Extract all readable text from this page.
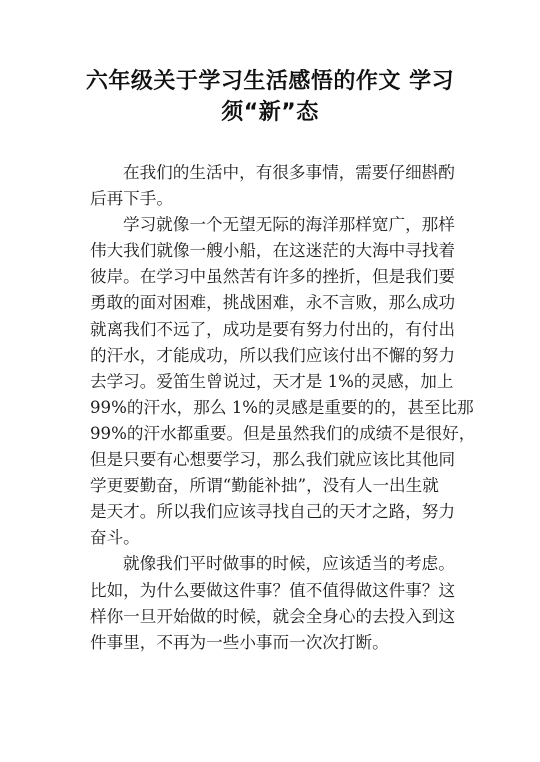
六年级关于学习生活感悟的作文 学习
须“新”态
在我们的生活中，有很多事情，需要仔细斟酌
后再下手。
学习就像一个无望无际的海洋那样宽广，那样
伟大我们就像一艘小船，在这迷茫的大海中寻找着
彼岸。在学习中虽然苦有许多的挫折，但是我们要
勇敢的面对困难，挑战困难，永不言败，那么成功
就离我们不远了，成功是要有努力付出的，有付出
的汗水，才能成功，所以我们应该付出不懈的努力
去学习。爱笛生曾说过，天才是 1%的灵感，加上
99%的汗水，那么 1%的灵感是重要的的，甚至比那
99%的汗水都重要。但是虽然我们的成绩不是很好，
但是只要有心想要学习，那么我们就应该比其他同
学更要勤奋，所谓“勤能补拙”，没有人一出生就
是天才。所以我们应该寻找自己的天才之路，努力
奋斗。
就像我们平时做事的时候，应该适当的考虑。
比如，为什么要做这件事？值不值得做这件事？这
样你一旦开始做的时候，就会全身心的去投入到这
件事里，不再为一些小事而一次次打断。
